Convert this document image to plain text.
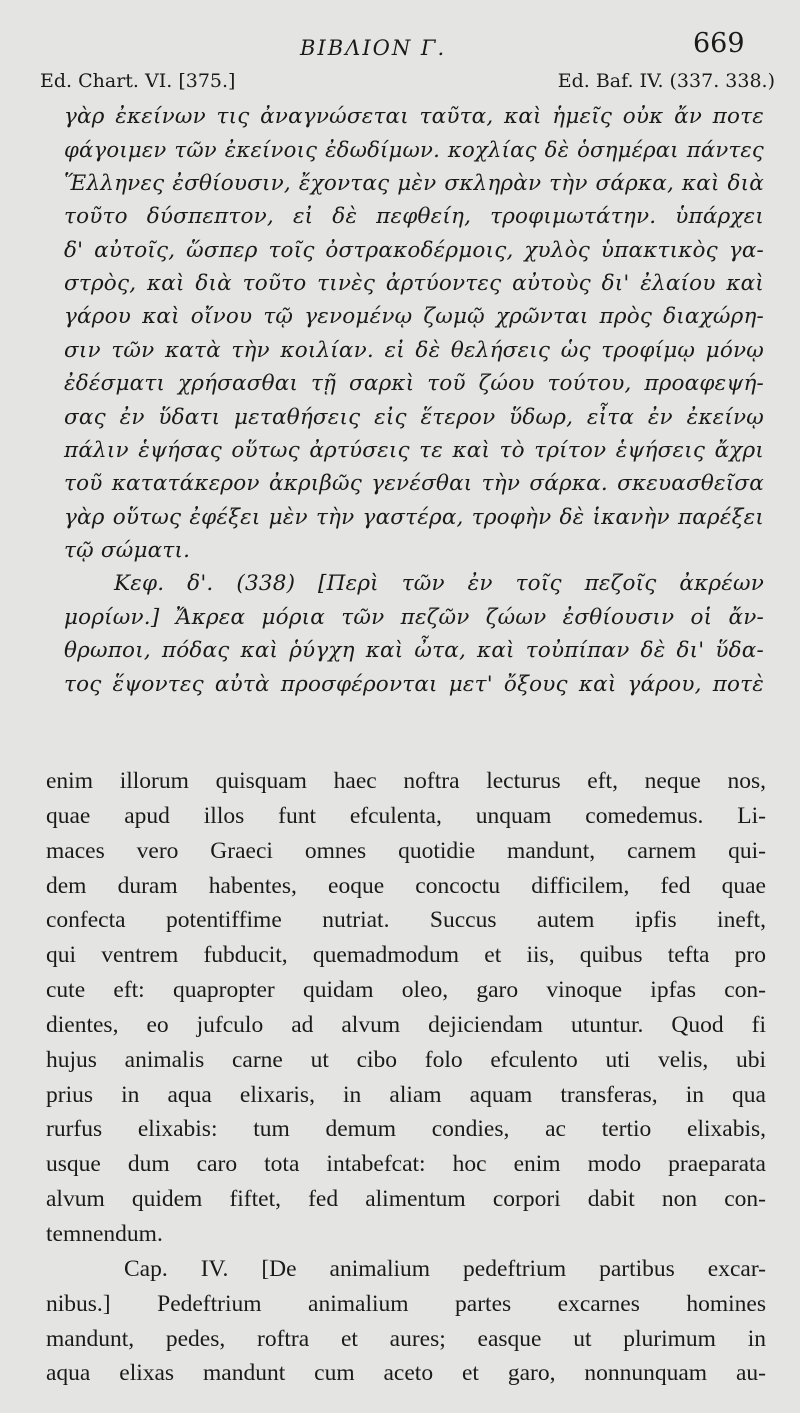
BIBΛΙΟΝ Γ.	669
Ed. Chart. VI. [375.]	Ed. Baf. IV. (337. 338.)
γὰρ ἐκείνων τις ἀναγνώσεται ταῦτα, καὶ ἡμεῖς οὐκ ἄν ποτε
φάγοιμεν τῶν ἐκείνοις ἐδωδίμων. κοχλίας δὲ ὁσημέραι πάντες
Ἕλληνες ἐσθίουσιν, ἔχοντας μὲν σκληρὰν τὴν σάρκα, καὶ διὰ
τοῦτο δύσπεπτον, εἰ δὲ πεφθείη, τροφιμωτάτην. ὑπάρχει
δ' αὐτοῖς, ὥσπερ τοῖς ὀστρακοδέρμοις, χυλὸς ὑπακτικὸς γα-
στρὸς, καὶ διὰ τοῦτο τινὲς ἀρτύοντες αὐτοὺς δι' ἐλαίου καὶ
γάρου καὶ οἴνου τῷ γενομένῳ ζωμῷ χρῶνται πρὸς διαχώρη-
σιν τῶν κατὰ τὴν κοιλίαν. εἰ δὲ θελήσεις ὡς τροφίμῳ μόνῳ
ἐδέσματι χρήσασθαι τῇ σαρκὶ τοῦ ζώου τούτου, προαφεψή-
σας ἐν ὕδατι μεταθήσεις εἰς ἕτερον ὕδωρ, εἶτα ἐν ἐκείνῳ
πάλιν ἑψήσας οὕτως ἀρτύσεις τε καὶ τὸ τρίτον ἑψήσεις ἄχρι
τοῦ κατατάκερον ἀκριβῶς γενέσθαι τὴν σάρκα. σκευασθεῖσα
γὰρ οὕτως ἐφέξει μὲν τὴν γαστέρα, τροφὴν δὲ ἱκανὴν παρέξει
τῷ σώματι.
Κεφ. δ'. (338) [Περὶ τῶν ἐν τοῖς πεζοῖς ἀκρέων
μορίων.] Ἄκρεα μόρια τῶν πεζῶν ζώων ἐσθίουσιν οἱ ἄν-
θρωποι, πόδας καὶ ῥύγχη καὶ ὦτα, καὶ τοὐπίπαν δὲ δι' ὕδα-
τος ἕψοντες αὐτὰ προσφέρονται μετ' ὄξους καὶ γάρου, ποτὲ
enim illorum quisquam haec noftra lecturus eft, neque nos,
quae apud illos funt efculenta, unquam comedemus. Li-
maces vero Graeci omnes quotidie mandunt, carnem qui-
dem duram habentes, eoque concoctu difficilem, fed quae
confecta potentiffime nutriat. Succus autem ipfis ineft,
qui ventrem fubducit, quemadmodum et iis, quibus tefta pro
cute eft: quapropter quidam oleo, garo vinoque ipfas con-
dientes, eo jufculo ad alvum dejiciendam utuntur. Quod fi
hujus animalis carne ut cibo folo efculento uti velis, ubi
prius in aqua elixaris, in aliam aquam transferas, in qua
rurfus elixabis: tum demum condies, ac tertio elixabis,
usque dum caro tota intabefcat: hoc enim modo praeparata
alvum quidem fiftet, fed alimentum corpori dabit non con-
temnendum.
Cap. IV. [De animalium pedeftrium partibus excar-
nibus.] Pedeftrium animalium partes excarnes homines
mandunt, pedes, roftra et aures; easque ut plurimum in
aqua elixas mandunt cum aceto et garo, nonnunquam au-
